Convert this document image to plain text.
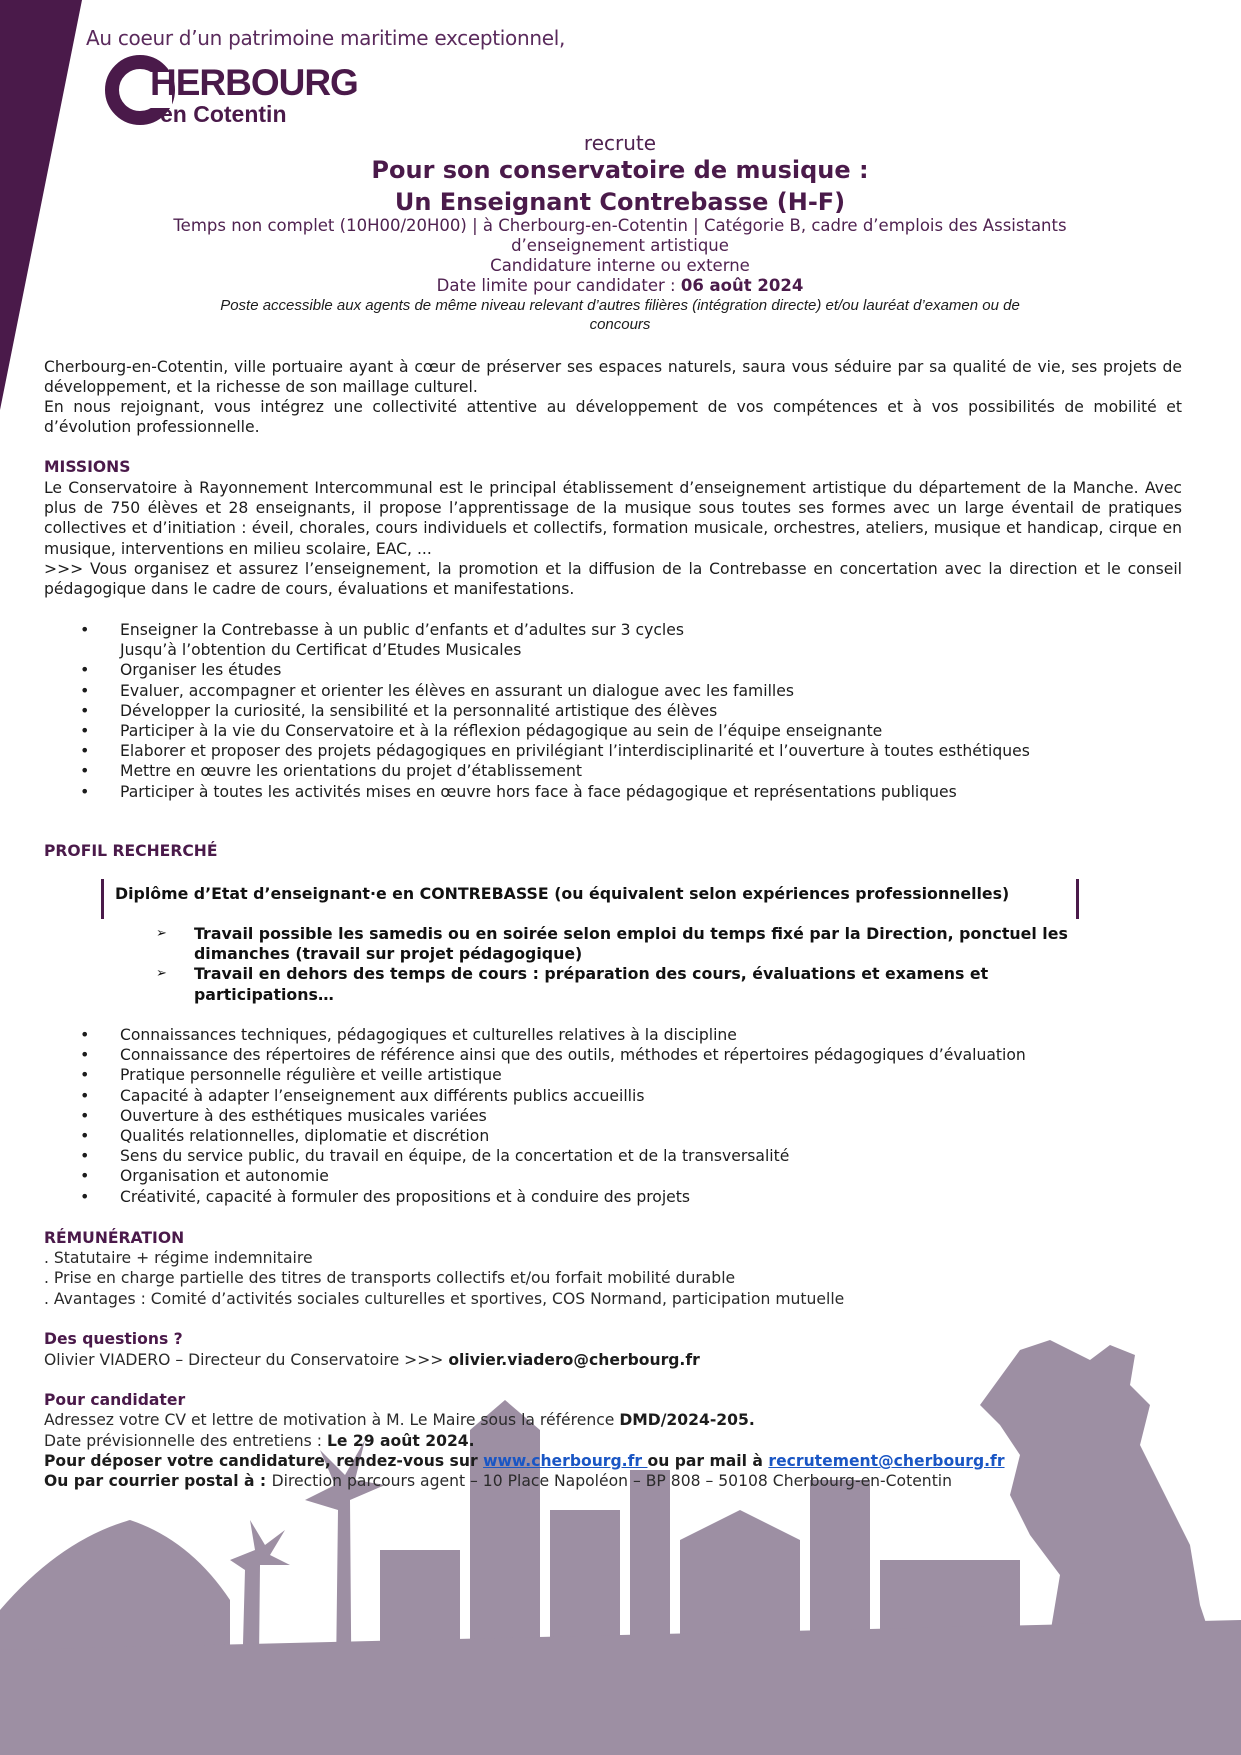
Au coeur d’un patrimoine maritime exceptionnel,
HERBOURG
en Cotentin
recrute
Pour son conservatoire de musique :
Un Enseignant Contrebasse (H-F)
Temps non complet (10H00/20H00) | à Cherbourg-en-Cotentin | Catégorie B, cadre d’emplois des Assistants
d’enseignement artistique
Candidature interne ou externe
Date limite pour candidater : 06 août 2024
Poste accessible aux agents de même niveau relevant d’autres filières (intégration directe) et/ou lauréat d’examen ou de
concours
Cherbourg-en-Cotentin, ville portuaire ayant à cœur de préserver ses espaces naturels, saura vous séduire par sa qualité de vie, ses projets de développement, et la richesse de son maillage culturel.
En nous rejoignant, vous intégrez une collectivité attentive au développement de vos compétences et à vos possibilités de mobilité et d’évolution professionnelle.
MISSIONS
Le Conservatoire à Rayonnement Intercommunal est le principal établissement d’enseignement artistique du département de la Manche. Avec plus de 750 élèves et 28 enseignants, il propose l’apprentissage de la musique sous toutes ses formes avec un large éventail de pratiques collectives et d’initiation : éveil, chorales, cours individuels et collectifs, formation musicale, orchestres, ateliers, musique et handicap, cirque en musique, interventions en milieu scolaire, EAC, ...
>>> Vous organisez et assurez l’enseignement, la promotion et la diffusion de la Contrebasse en concertation avec la direction et le conseil pédagogique dans le cadre de cours, évaluations et manifestations.
• Enseigner la Contrebasse à un public d’enfants et d’adultes sur 3 cycles
Jusqu’à l’obtention du Certificat d’Etudes Musicales
• Organiser les études
• Evaluer, accompagner et orienter les élèves en assurant un dialogue avec les familles
• Développer la curiosité, la sensibilité et la personnalité artistique des élèves
• Participer à la vie du Conservatoire et à la réflexion pédagogique au sein de l’équipe enseignante
• Elaborer et proposer des projets pédagogiques en privilégiant l’interdisciplinarité et l’ouverture à toutes esthétiques
• Mettre en œuvre les orientations du projet d’établissement
• Participer à toutes les activités mises en œuvre hors face à face pédagogique et représentations publiques
PROFIL RECHERCHÉ
Diplôme d’Etat d’enseignant·e en CONTREBASSE (ou équivalent selon expériences professionnelles)
➢ Travail possible les samedis ou en soirée selon emploi du temps fixé par la Direction, ponctuel les dimanches (travail sur projet pédagogique)
➢ Travail en dehors des temps de cours : préparation des cours, évaluations et examens et participations…
• Connaissances techniques, pédagogiques et culturelles relatives à la discipline
• Connaissance des répertoires de référence ainsi que des outils, méthodes et répertoires pédagogiques d’évaluation
• Pratique personnelle régulière et veille artistique
• Capacité à adapter l’enseignement aux différents publics accueillis
• Ouverture à des esthétiques musicales variées
• Qualités relationnelles, diplomatie et discrétion
• Sens du service public, du travail en équipe, de la concertation et de la transversalité
• Organisation et autonomie
• Créativité, capacité à formuler des propositions et à conduire des projets
RÉMUNÉRATION
. Statutaire + régime indemnitaire
. Prise en charge partielle des titres de transports collectifs et/ou forfait mobilité durable
. Avantages : Comité d’activités sociales culturelles et sportives, COS Normand, participation mutuelle
Des questions ?
Olivier VIADERO – Directeur du Conservatoire >>> olivier.viadero@cherbourg.fr
Pour candidater
Adressez votre CV et lettre de motivation à M. Le Maire sous la référence DMD/2024-205.
Date prévisionnelle des entretiens : Le 29 août 2024.
Pour déposer votre candidature, rendez-vous sur www.cherbourg.fr ou par mail à recrutement@cherbourg.fr
Ou par courrier postal à : Direction parcours agent – 10 Place Napoléon – BP 808 – 50108 Cherbourg-en-Cotentin
